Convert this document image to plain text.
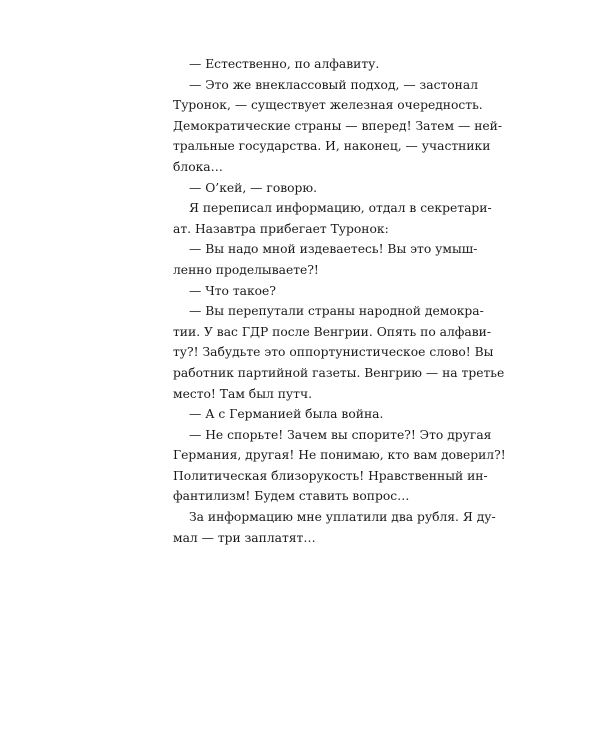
— Естественно, по алфавиту.
— Это же внеклассовый подход, — застонал
Туронок, — существует железная очередность.
Демократические страны — вперед! Затем — ней-
тральные государства. И, наконец, — участники
блока…
— О’кей, — говорю.
Я переписал информацию, отдал в секретари-
ат. Назавтра прибегает Туронок:
— Вы надо мной издеваетесь! Вы это умыш-
ленно проделываете?!
— Что такое?
— Вы перепутали страны народной демокра-
тии. У вас ГДР после Венгрии. Опять по алфави-
ту?! Забудьте это оппортунистическое слово! Вы
работник партийной газеты. Венгрию — на третье
место! Там был путч.
— А с Германией была война.
— Не спорьте! Зачем вы спорите?! Это другая
Германия, другая! Не понимаю, кто вам доверил?!
Политическая близорукость! Нравственный ин-
фантилизм! Будем ставить вопрос…
За информацию мне уплатили два рубля. Я ду-
мал — три заплатят…
